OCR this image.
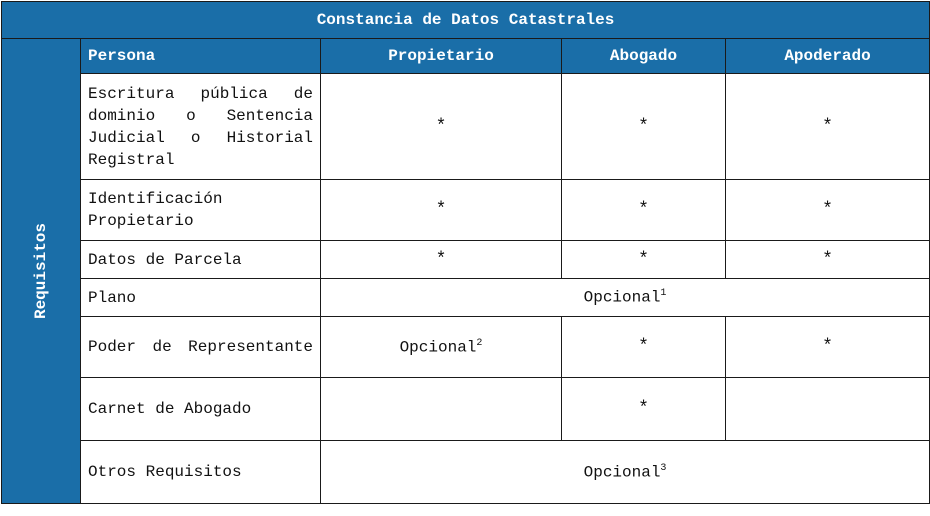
Constancia de Datos Catastrales				

Requisitos	Persona	Propietario	Abogado	Apoderado
	Escritura pública de dominio o Sentencia Judicial o Historial Registral	*	*	*
	Identificación Propietario	*	*	*
	Datos de Parcela	*	*	*
	Plano	Opcional$^1$
	Poder de Representante	Opcional$^2$	*	*
	Carnet de Abogado		*	
	Otros Requisitos	Opcional$^3$
